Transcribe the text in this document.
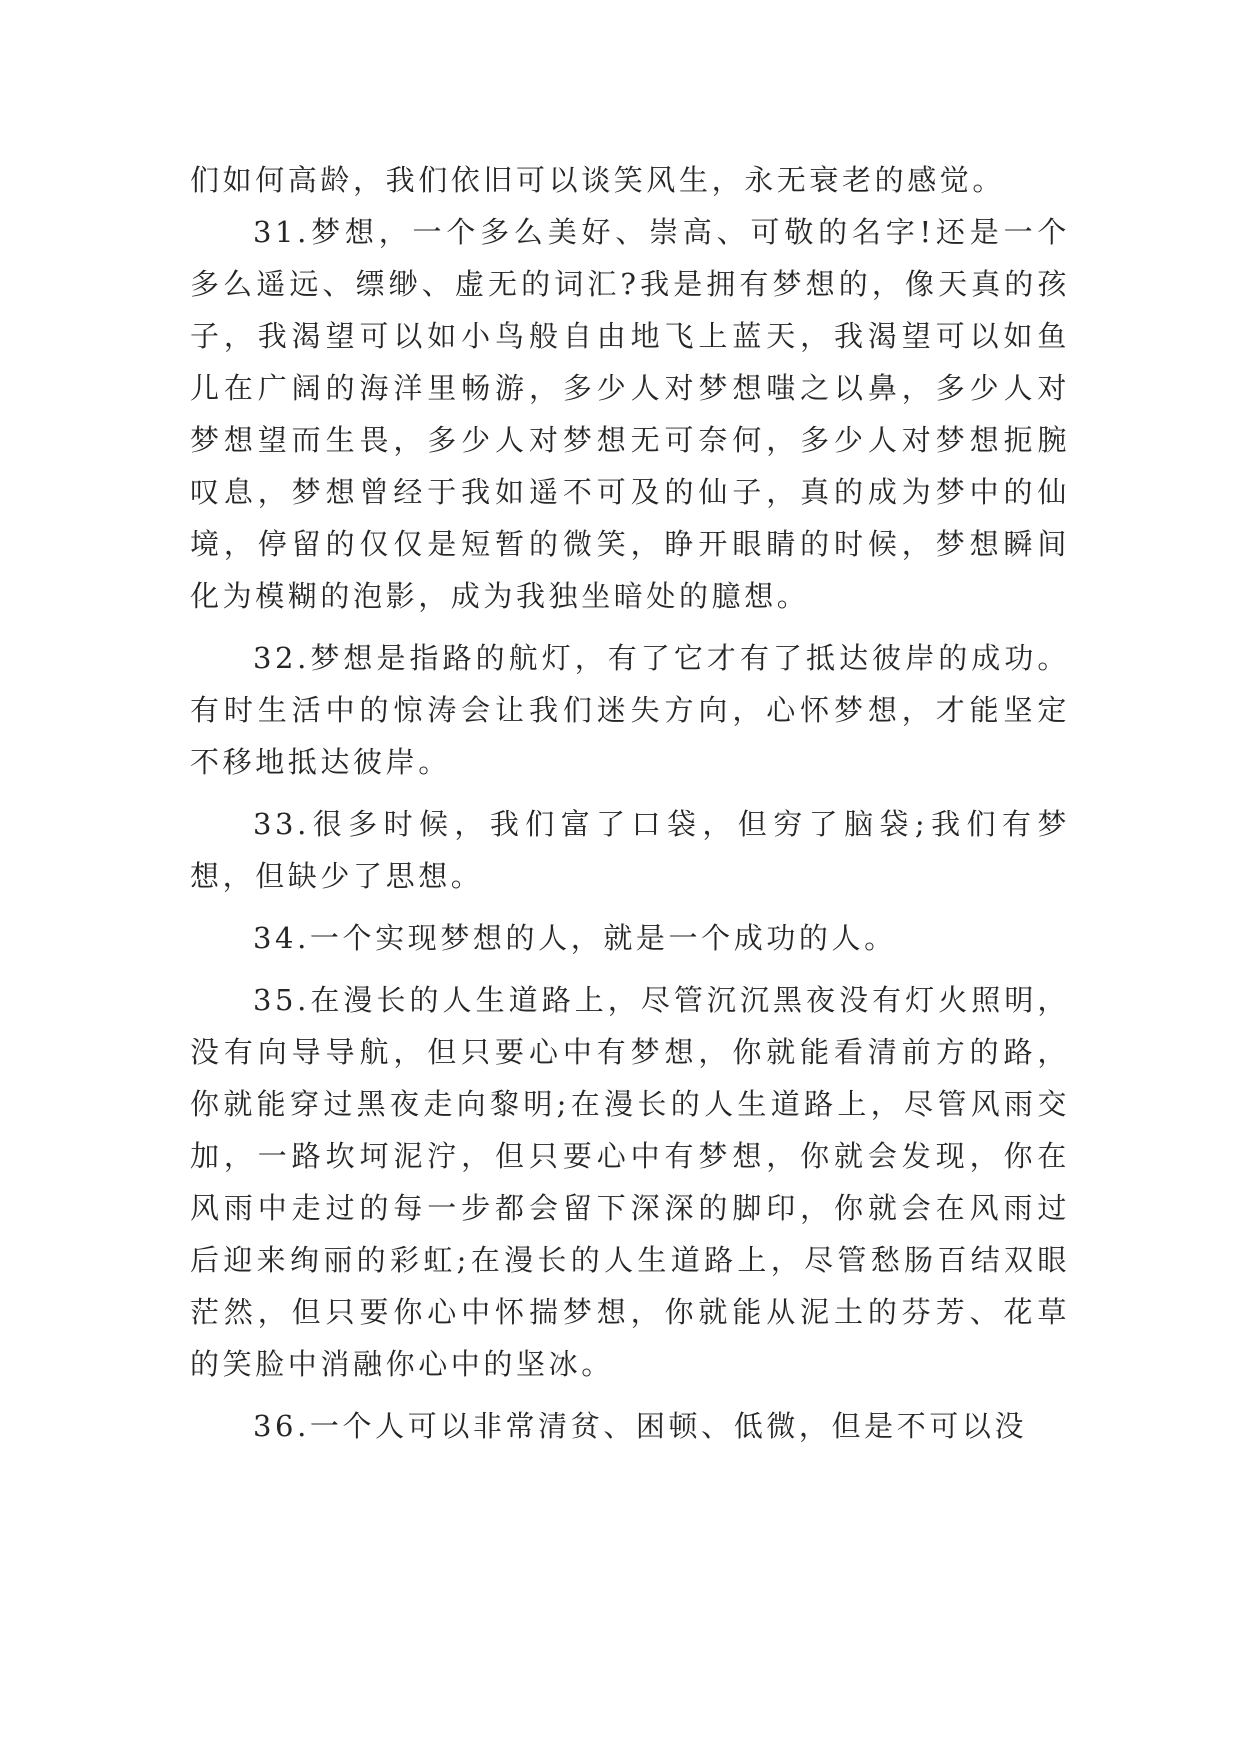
们如何高龄，我们依旧可以谈笑风生，永无衰老的感觉。

31.梦想，一个多么美好、崇高、可敬的名字!还是一个多么遥远、缥缈、虚无的词汇?我是拥有梦想的，像天真的孩子，我渴望可以如小鸟般自由地飞上蓝天，我渴望可以如鱼儿在广阔的海洋里畅游，多少人对梦想嗤之以鼻，多少人对梦想望而生畏，多少人对梦想无可奈何，多少人对梦想扼腕叹息，梦想曾经于我如遥不可及的仙子，真的成为梦中的仙境，停留的仅仅是短暂的微笑，睁开眼睛的时候，梦想瞬间化为模糊的泡影，成为我独坐暗处的臆想。

32.梦想是指路的航灯，有了它才有了抵达彼岸的成功。有时生活中的惊涛会让我们迷失方向，心怀梦想，才能坚定不移地抵达彼岸。

33.很多时候，我们富了口袋，但穷了脑袋;我们有梦想，但缺少了思想。

34.一个实现梦想的人，就是一个成功的人。

35.在漫长的人生道路上，尽管沉沉黑夜没有灯火照明，没有向导导航，但只要心中有梦想，你就能看清前方的路，你就能穿过黑夜走向黎明;在漫长的人生道路上，尽管风雨交加，一路坎坷泥泞，但只要心中有梦想，你就会发现，你在风雨中走过的每一步都会留下深深的脚印，你就会在风雨过后迎来绚丽的彩虹;在漫长的人生道路上，尽管愁肠百结双眼茫然，但只要你心中怀揣梦想，你就能从泥土的芬芳、花草的笑脸中消融你心中的坚冰。

36.一个人可以非常清贫、困顿、低微，但是不可以没
